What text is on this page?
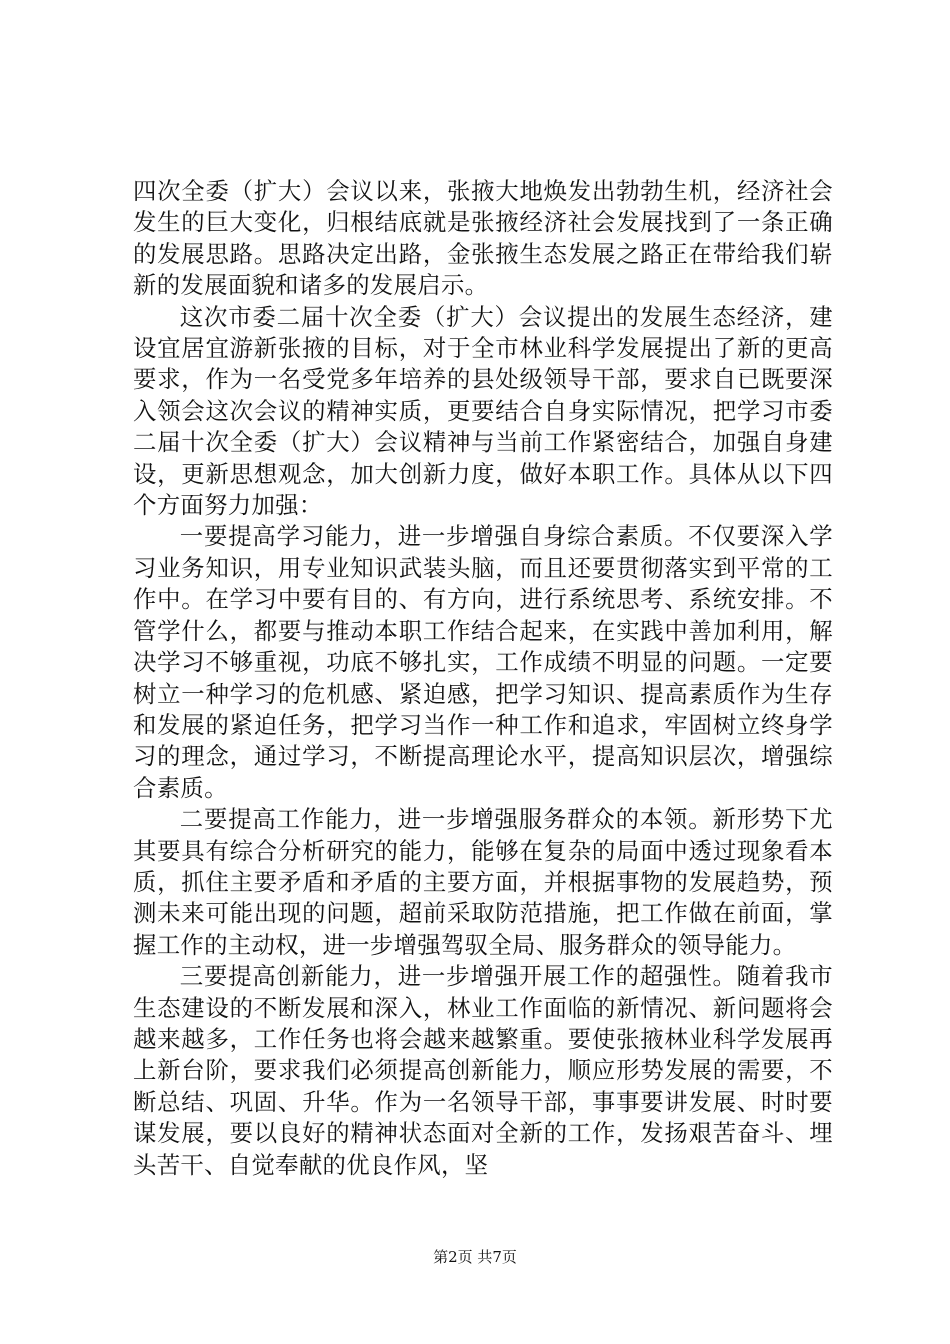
四次全委（扩大）会议以来，张掖大地焕发出勃勃生机，经济社会发生的巨大变化，归根结底就是张掖经济社会发展找到了一条正确的发展思路。思路决定出路，金张掖生态发展之路正在带给我们崭新的发展面貌和诸多的发展启示。

这次市委二届十次全委（扩大）会议提出的发展生态经济，建设宜居宜游新张掖的目标，对于全市林业科学发展提出了新的更高要求，作为一名受党多年培养的县处级领导干部，要求自已既要深入领会这次会议的精神实质，更要结合自身实际情况，把学习市委二届十次全委（扩大）会议精神与当前工作紧密结合，加强自身建设，更新思想观念，加大创新力度，做好本职工作。具体从以下四个方面努力加强：

一要提高学习能力，进一步增强自身综合素质。不仅要深入学习业务知识，用专业知识武装头脑，而且还要贯彻落实到平常的工作中。在学习中要有目的、有方向，进行系统思考、系统安排。不管学什么，都要与推动本职工作结合起来，在实践中善加利用，解决学习不够重视，功底不够扎实，工作成绩不明显的问题。一定要树立一种学习的危机感、紧迫感，把学习知识、提高素质作为生存和发展的紧迫任务，把学习当作一种工作和追求，牢固树立终身学习的理念，通过学习，不断提高理论水平，提高知识层次，增强综合素质。

二要提高工作能力，进一步增强服务群众的本领。新形势下尤其要具有综合分析研究的能力，能够在复杂的局面中透过现象看本质，抓住主要矛盾和矛盾的主要方面，并根据事物的发展趋势，预测未来可能出现的问题，超前采取防范措施，把工作做在前面，掌握工作的主动权，进一步增强驾驭全局、服务群众的领导能力。

三要提高创新能力，进一步增强开展工作的超强性。随着我市生态建设的不断发展和深入，林业工作面临的新情况、新问题将会越来越多，工作任务也将会越来越繁重。要使张掖林业科学发展再上新台阶，要求我们必须提高创新能力，顺应形势发展的需要，不断总结、巩固、升华。作为一名领导干部，事事要讲发展、时时要谋发展，要以良好的精神状态面对全新的工作，发扬艰苦奋斗、埋头苦干、自觉奉献的优良作风，坚

第2页 共7页
